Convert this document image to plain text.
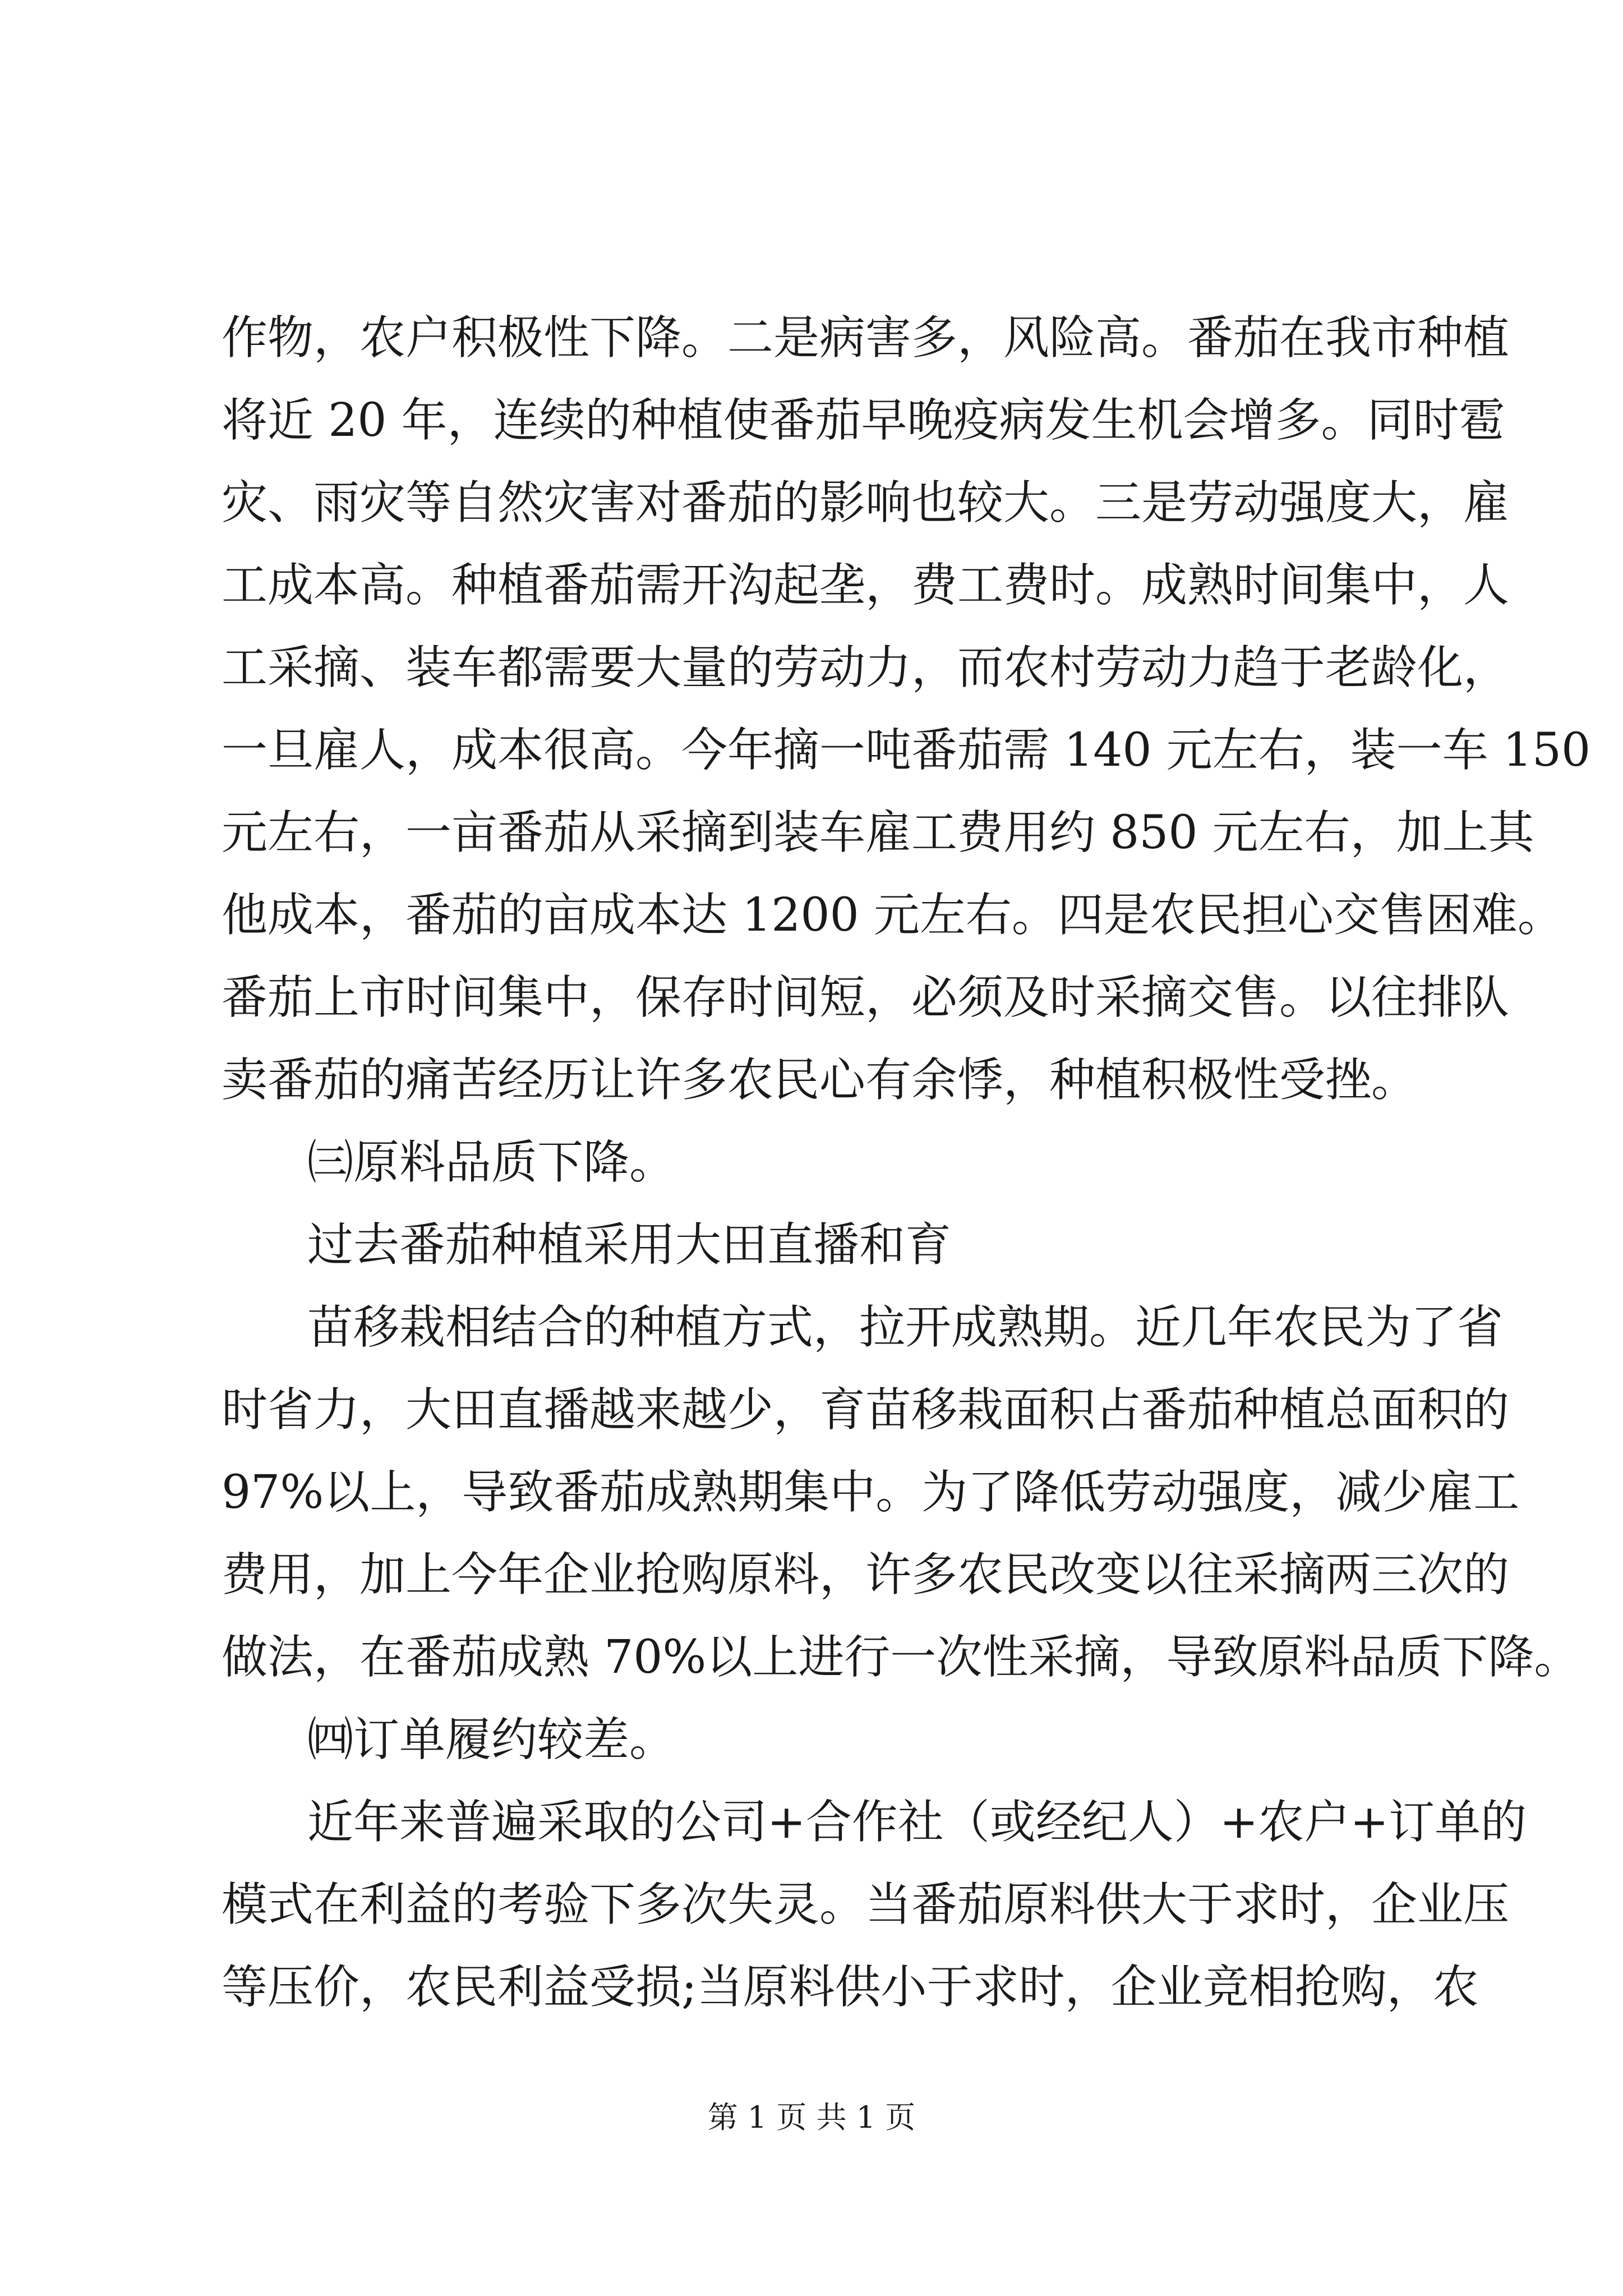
作物，农户积极性下降。二是病害多，风险高。番茄在我市种植

将近 20 年，连续的种植使番茄早晚疫病发生机会增多。同时雹

灾、雨灾等自然灾害对番茄的影响也较大。三是劳动强度大，雇

工成本高。种植番茄需开沟起垄，费工费时。成熟时间集中，人

工采摘、装车都需要大量的劳动力，而农村劳动力趋于老龄化，

一旦雇人，成本很高。今年摘一吨番茄需 140 元左右，装一车 150

元左右，一亩番茄从采摘到装车雇工费用约 850 元左右，加上其

他成本，番茄的亩成本达 1200 元左右。四是农民担心交售困难。

番茄上市时间集中，保存时间短，必须及时采摘交售。以往排队

卖番茄的痛苦经历让许多农民心有余悸，种植积极性受挫。

㈢原料品质下降。

过去番茄种植采用大田直播和育

苗移栽相结合的种植方式，拉开成熟期。近几年农民为了省

时省力，大田直播越来越少，育苗移栽面积占番茄种植总面积的

97%以上，导致番茄成熟期集中。为了降低劳动强度，减少雇工

费用，加上今年企业抢购原料，许多农民改变以往采摘两三次的

做法，在番茄成熟 70%以上进行一次性采摘，导致原料品质下降。

㈣订单履约较差。

近年来普遍采取的公司+合作社（或经纪人）+农户+订单的

模式在利益的考验下多次失灵。当番茄原料供大于求时，企业压

等压价，农民利益受损;当原料供小于求时，企业竞相抢购，农

第 1 页 共 1 页
